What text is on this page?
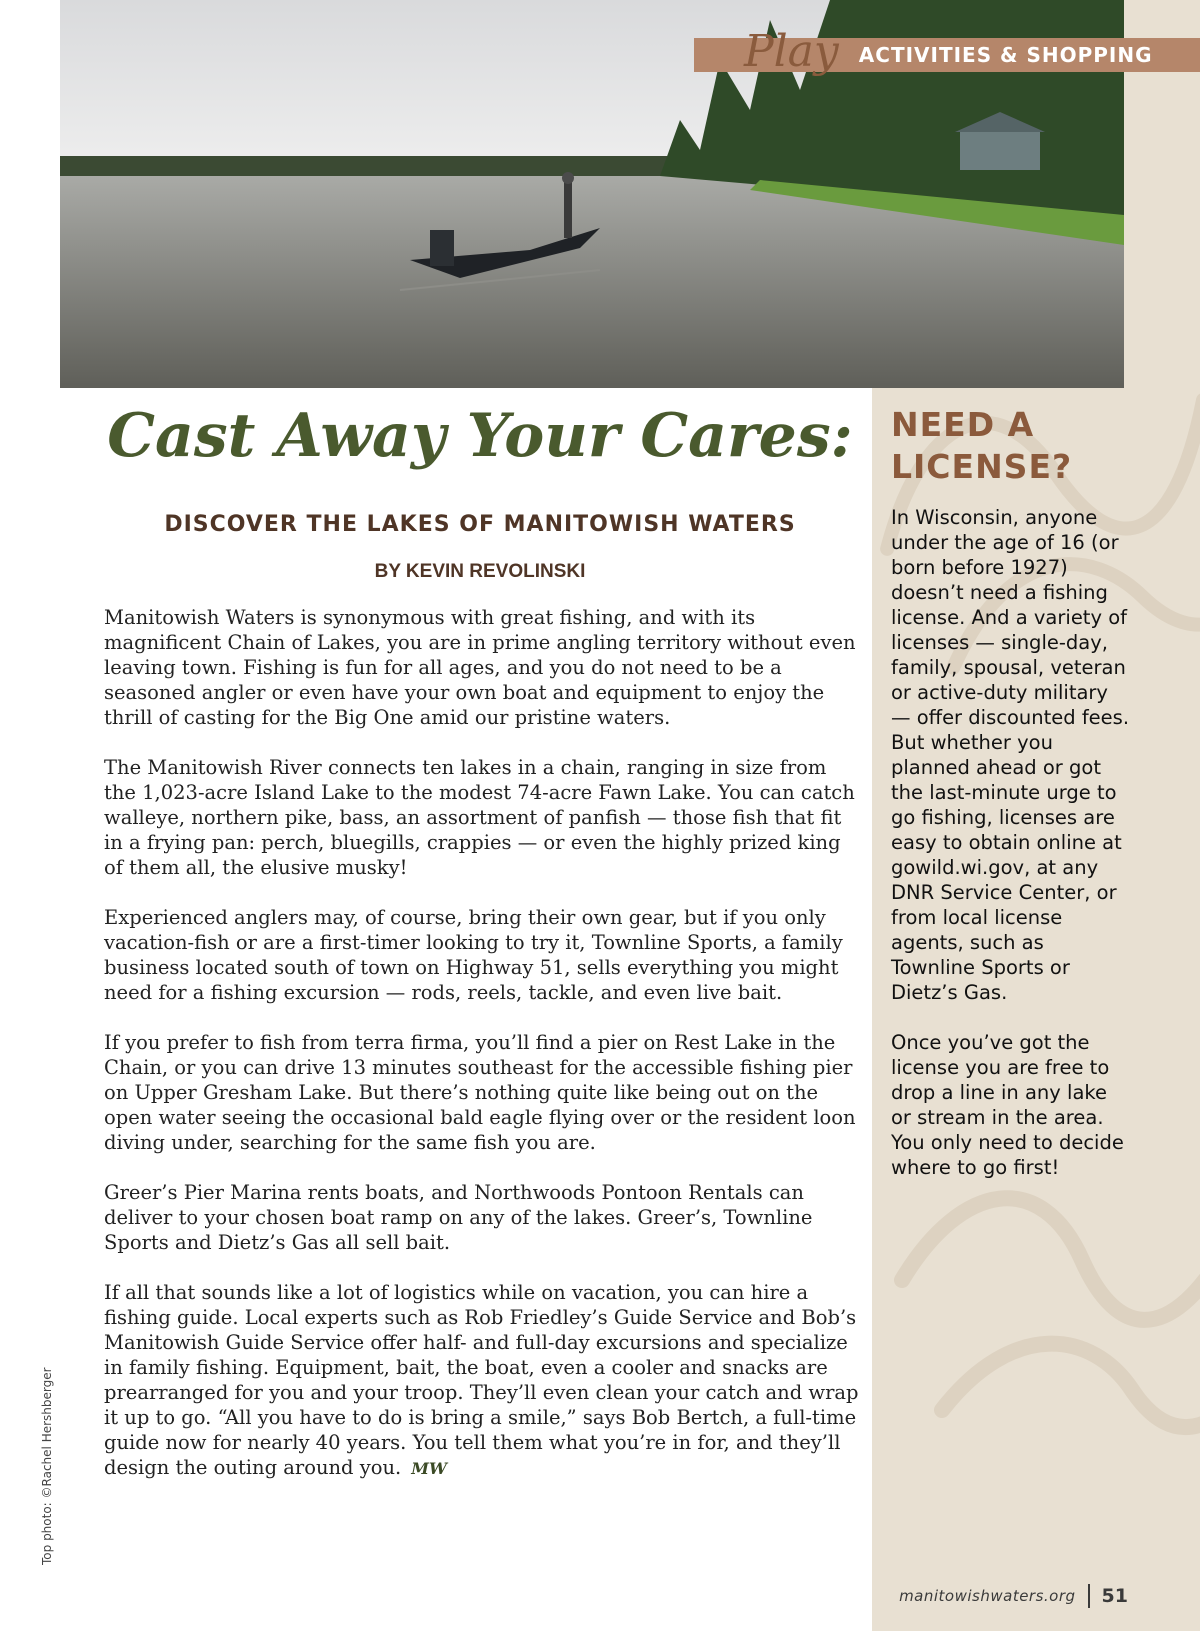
Play ACTIVITIES & SHOPPING
Cast Away Your Cares:
DISCOVER THE LAKES OF MANITOWISH WATERS
BY KEVIN REVOLINSKI

Manitowish Waters is synonymous with great fishing, and with its magnificent Chain of Lakes, you are in prime angling territory without even leaving town. Fishing is fun for all ages, and you do not need to be a seasoned angler or even have your own boat and equipment to enjoy the thrill of casting for the Big One amid our pristine waters.

The Manitowish River connects ten lakes in a chain, ranging in size from the 1,023-acre Island Lake to the modest 74-acre Fawn Lake. You can catch walleye, northern pike, bass, an assortment of panfish — those fish that fit in a frying pan: perch, bluegills, crappies — or even the highly prized king of them all, the elusive musky!

Experienced anglers may, of course, bring their own gear, but if you only vacation-fish or are a first-timer looking to try it, Townline Sports, a family business located south of town on Highway 51, sells everything you might need for a fishing excursion — rods, reels, tackle, and even live bait.

If you prefer to fish from terra firma, you’ll find a pier on Rest Lake in the Chain, or you can drive 13 minutes southeast for the accessible fishing pier on Upper Gresham Lake. But there’s nothing quite like being out on the open water seeing the occasional bald eagle flying over or the resident loon diving under, searching for the same fish you are.

Greer’s Pier Marina rents boats, and Northwoods Pontoon Rentals can deliver to your chosen boat ramp on any of the lakes. Greer’s, Townline Sports and Dietz’s Gas all sell bait.

If all that sounds like a lot of logistics while on vacation, you can hire a fishing guide. Local experts such as Rob Friedley’s Guide Service and Bob’s Manitowish Guide Service offer half- and full-day excursions and specialize in family fishing. Equipment, bait, the boat, even a cooler and snacks are prearranged for you and your troop. They’ll even clean your catch and wrap it up to go. “All you have to do is bring a smile,” says Bob Bertch, a full-time guide now for nearly 40 years. You tell them what you’re in for, and they’ll design the outing around you. MW

NEED A LICENSE?

In Wisconsin, anyone under the age of 16 (or born before 1927) doesn’t need a fishing license. And a variety of licenses — single-day, family, spousal, veteran or active-duty military — offer discounted fees. But whether you planned ahead or got the last-minute urge to go fishing, licenses are easy to obtain online at gowild.wi.gov, at any DNR Service Center, or from local license agents, such as Townline Sports or Dietz’s Gas.

Once you’ve got the license you are free to drop a line in any lake or stream in the area. You only need to decide where to go first!

Top photo: ©Rachel Hershberger
manitowishwaters.org 51
